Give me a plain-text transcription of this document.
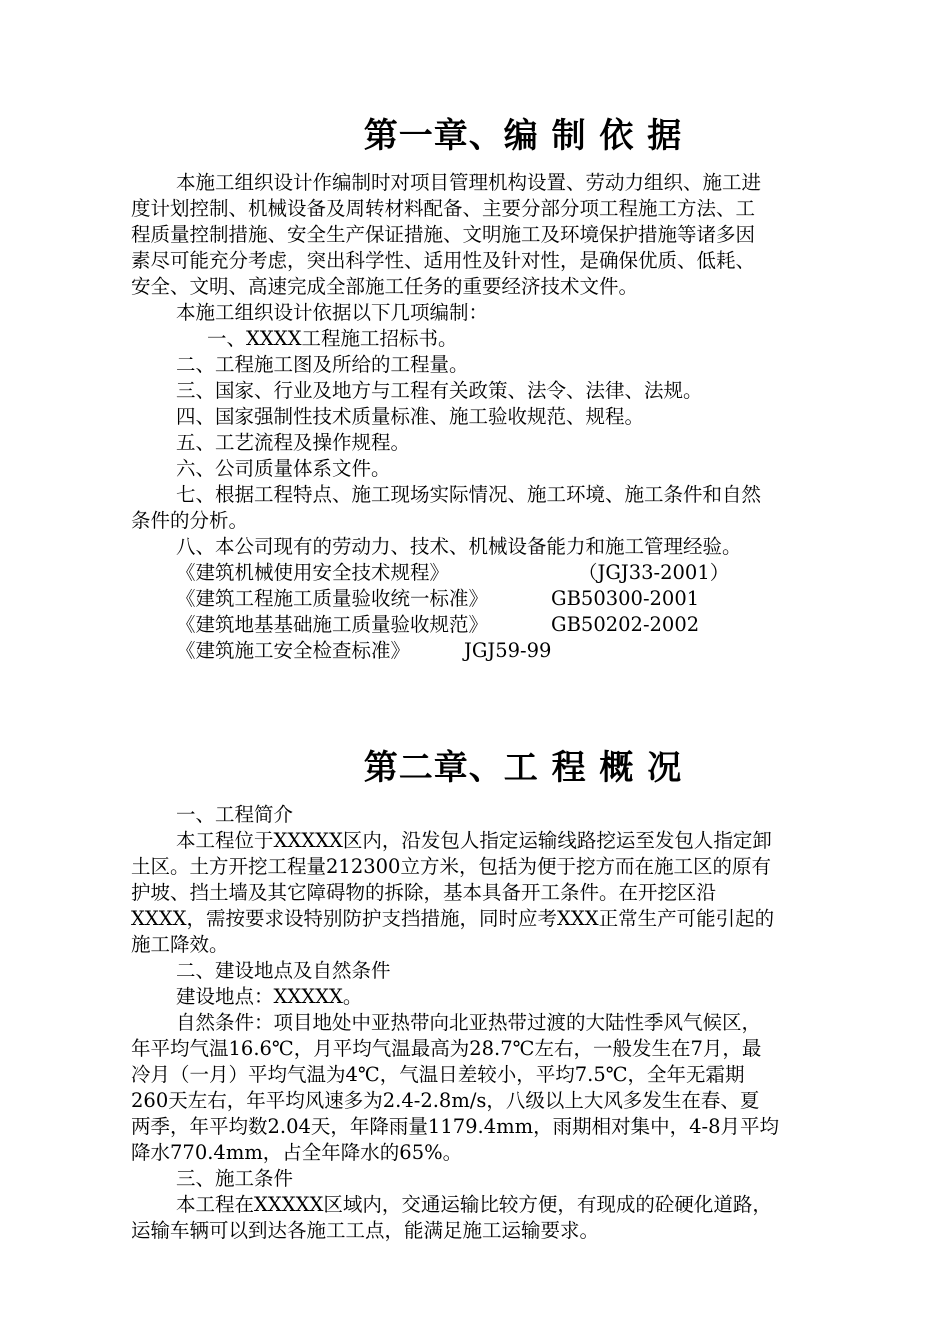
第一章、编 制 依 据

本施工组织设计作编制时对项目管理机构设置、劳动力组织、施工进

度计划控制、机械设备及周转材料配备、主要分部分项工程施工方法、工

程质量控制措施、安全生产保证措施、文明施工及环境保护措施等诸多因

素尽可能充分考虑，突出科学性、适用性及针对性，是确保优质、低耗、

安全、文明、高速完成全部施工任务的重要经济技术文件。

本施工组织设计依据以下几项编制：

一、XXXX工程施工招标书。

二、工程施工图及所给的工程量。

三、国家、行业及地方与工程有关政策、法令、法律、法规。

四、国家强制性技术质量标准、施工验收规范、规程。

五、工艺流程及操作规程。

六、公司质量体系文件。

七、根据工程特点、施工现场实际情况、施工环境、施工条件和自然

条件的分析。

八、本公司现有的劳动力、技术、机械设备能力和施工管理经验。

《建筑机械使用安全技术规程》	（JGJ33-2001）

《建筑工程施工质量验收统一标准》	GB50300-2001

《建筑地基基础施工质量验收规范》	GB50202-2002

《建筑施工安全检查标准》	JGJ59-99

第二章、工 程 概 况

一、工程简介

本工程位于XXXXX区内，沿发包人指定运输线路挖运至发包人指定卸

土区。土方开挖工程量212300立方米，包括为便于挖方而在施工区的原有

护坡、挡土墙及其它障碍物的拆除，基本具备开工条件。在开挖区沿

XXXX，需按要求设特别防护支挡措施，同时应考XXX正常生产可能引起的

施工降效。

二、建设地点及自然条件

建设地点：XXXXX。

自然条件：项目地处中亚热带向北亚热带过渡的大陆性季风气候区，

年平均气温16.6℃，月平均气温最高为28.7℃左右，一般发生在7月，最

冷月（一月）平均气温为4℃，气温日差较小，平均7.5℃，全年无霜期

260天左右，年平均风速多为2.4-2.8m/s，八级以上大风多发生在春、夏

两季，年平均数2.04天，年降雨量1179.4mm，雨期相对集中，4-8月平均

降水770.4mm，占全年降水的65%。

三、施工条件

本工程在XXXXX区域内，交通运输比较方便，有现成的砼硬化道路，

运输车辆可以到达各施工工点，能满足施工运输要求。
